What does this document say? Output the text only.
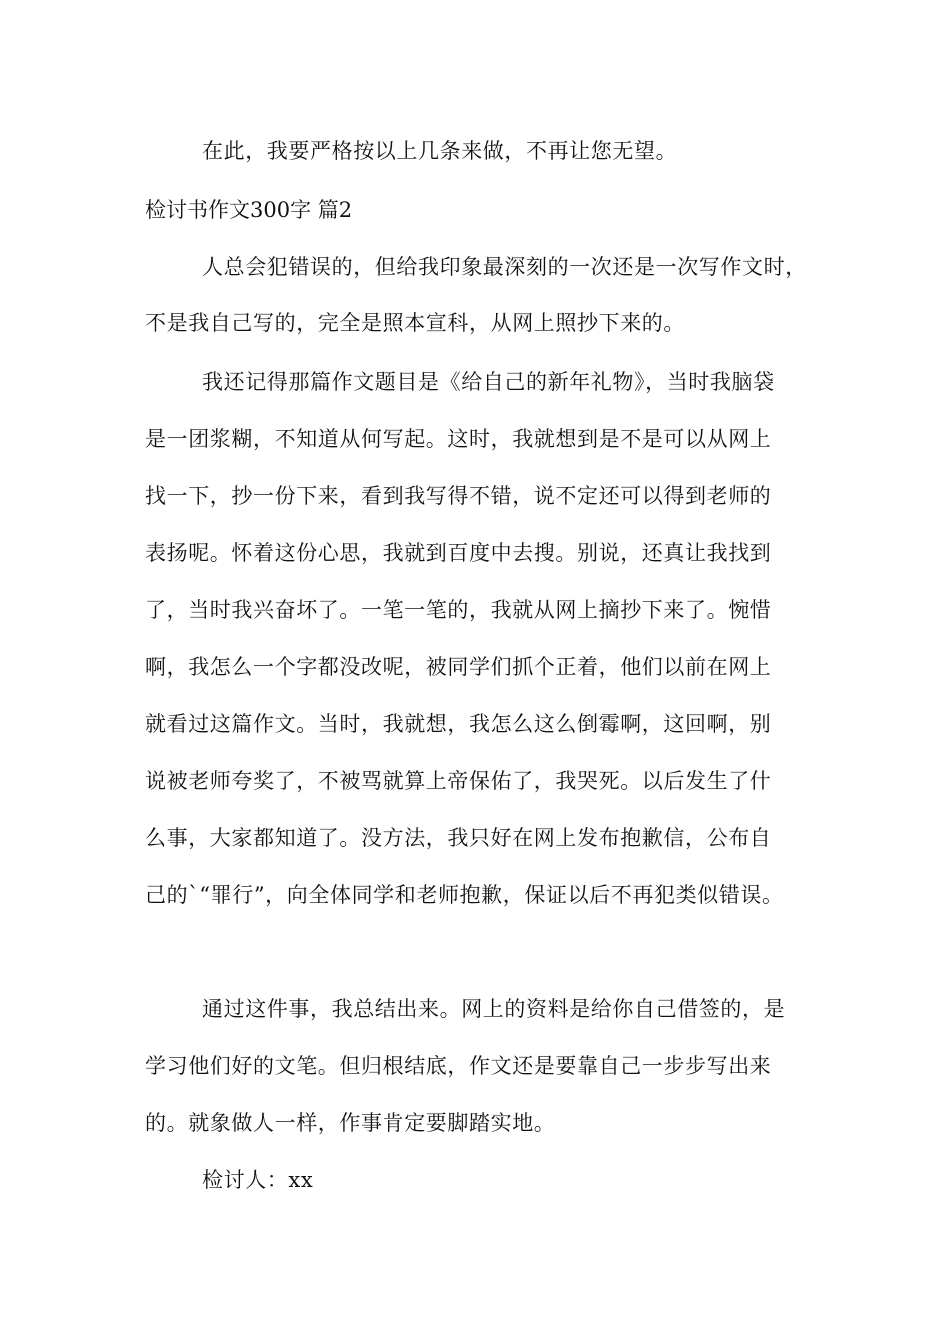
在此，我要严格按以上几条来做，不再让您无望。
检讨书作文300字 篇2
人总会犯错误的，但给我印象最深刻的一次还是一次写作文时，
不是我自己写的，完全是照本宣科，从网上照抄下来的。
我还记得那篇作文题目是《给自己的新年礼物》，当时我脑袋
是一团浆糊，不知道从何写起。这时，我就想到是不是可以从网上
找一下，抄一份下来，看到我写得不错，说不定还可以得到老师的
表扬呢。怀着这份心思，我就到百度中去搜。别说，还真让我找到
了，当时我兴奋坏了。一笔一笔的，我就从网上摘抄下来了。惋惜
啊，我怎么一个字都没改呢，被同学们抓个正着，他们以前在网上
就看过这篇作文。当时，我就想，我怎么这么倒霉啊，这回啊，别
说被老师夸奖了，不被骂就算上帝保佑了，我哭死。以后发生了什
么事，大家都知道了。没方法，我只好在网上发布抱歉信，公布自
己的`“罪行”，向全体同学和老师抱歉，保证以后不再犯类似错误。
通过这件事，我总结出来。网上的资料是给你自己借签的，是
学习他们好的文笔。但归根结底，作文还是要靠自己一步步写出来
的。就象做人一样，作事肯定要脚踏实地。
检讨人：xx
